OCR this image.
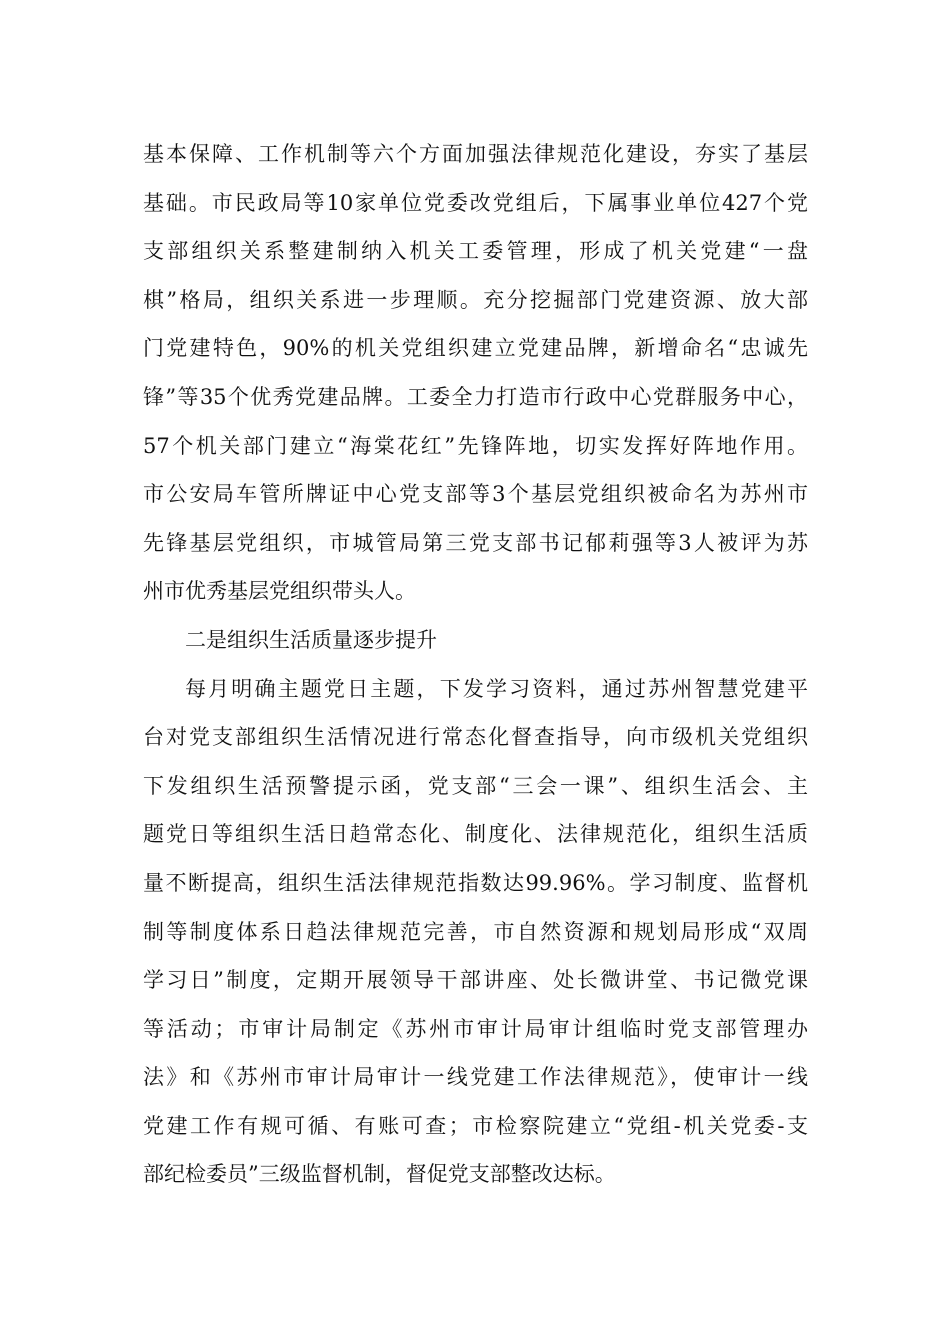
基本保障、工作机制等六个方面加强法律规范化建设，夯实了基层
基础。市民政局等10家单位党委改党组后，下属事业单位427个党
支部组织关系整建制纳入机关工委管理，形成了机关党建“一盘
棋”格局，组织关系进一步理顺。充分挖掘部门党建资源、放大部
门党建特色，90%的机关党组织建立党建品牌，新增命名“忠诚先
锋”等35个优秀党建品牌。工委全力打造市行政中心党群服务中心，
57个机关部门建立“海棠花红”先锋阵地，切实发挥好阵地作用。
市公安局车管所牌证中心党支部等3个基层党组织被命名为苏州市
先锋基层党组织，市城管局第三党支部书记郁莉强等3人被评为苏
州市优秀基层党组织带头人。
二是组织生活质量逐步提升
每月明确主题党日主题，下发学习资料，通过苏州智慧党建平
台对党支部组织生活情况进行常态化督查指导，向市级机关党组织
下发组织生活预警提示函，党支部“三会一课”、组织生活会、主
题党日等组织生活日趋常态化、制度化、法律规范化，组织生活质
量不断提高，组织生活法律规范指数达99.96%。学习制度、监督机
制等制度体系日趋法律规范完善，市自然资源和规划局形成“双周
学习日”制度，定期开展领导干部讲座、处长微讲堂、书记微党课
等活动；市审计局制定《苏州市审计局审计组临时党支部管理办
法》和《苏州市审计局审计一线党建工作法律规范》，使审计一线
党建工作有规可循、有账可查；市检察院建立“党组-机关党委-支
部纪检委员”三级监督机制，督促党支部整改达标。
